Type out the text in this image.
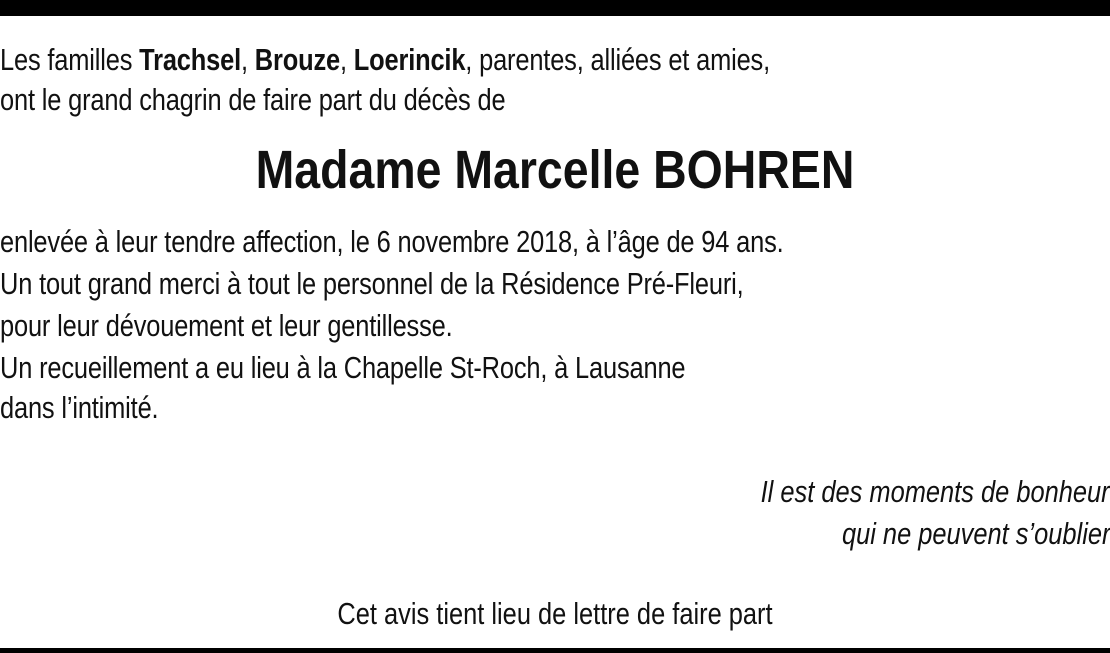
Les familles Trachsel, Brouze, Loerincik, parentes, alliées et amies,
ont le grand chagrin de faire part du décès de
Madame Marcelle BOHREN
enlevée à leur tendre affection, le 6 novembre 2018, à l’âge de 94 ans.
Un tout grand merci à tout le personnel de la Résidence Pré-Fleuri,
pour leur dévouement et leur gentillesse.
Un recueillement a eu lieu à la Chapelle St-Roch, à Lausanne
dans l’intimité.
Il est des moments de bonheur
qui ne peuvent s’oublier
Cet avis tient lieu de lettre de faire part
